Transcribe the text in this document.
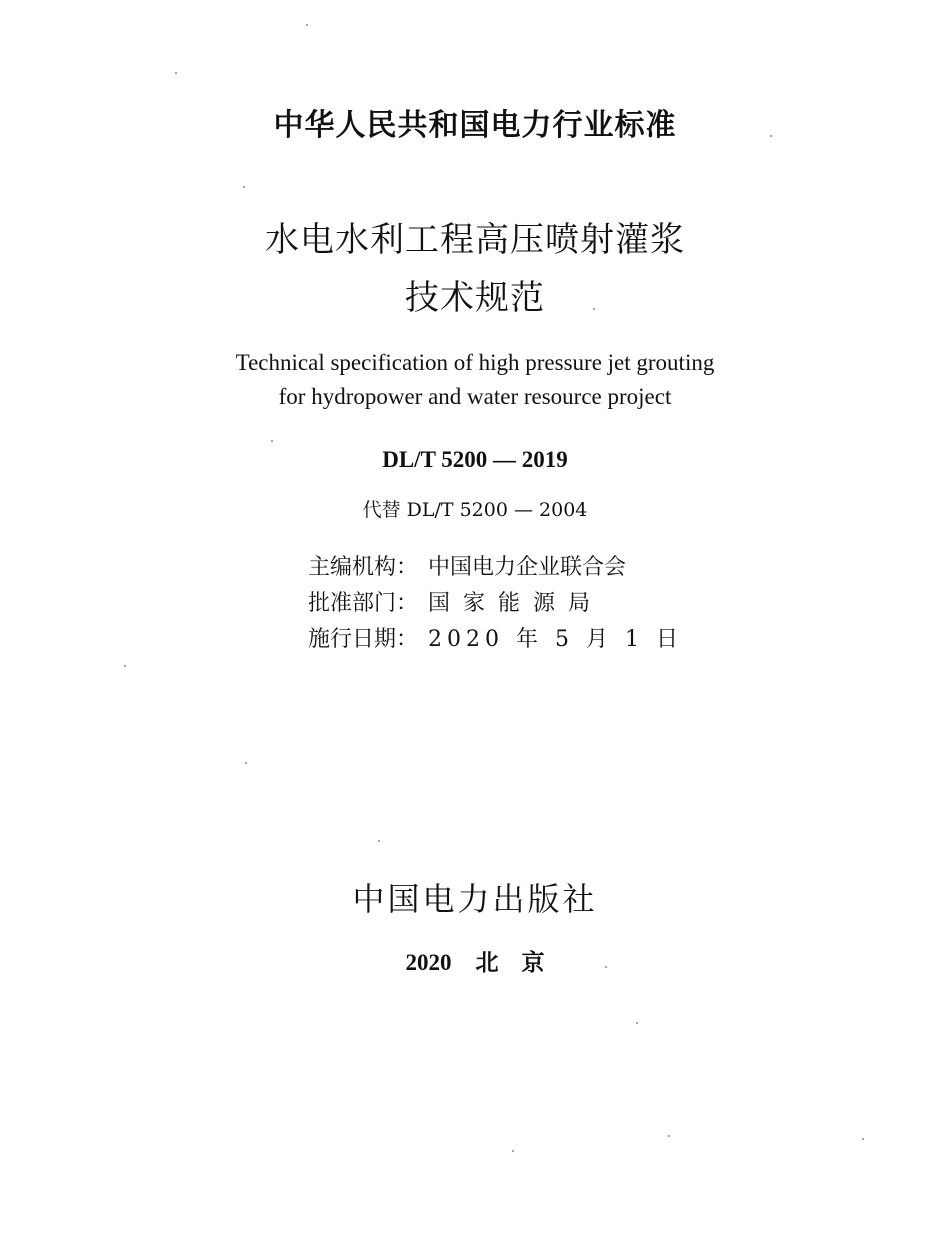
中华人民共和国电力行业标准
水电水利工程高压喷射灌浆
技术规范
Technical specification of high pressure jet grouting
for hydropower and water resource project
DL/T 5200 — 2019
代替 DL/T 5200 — 2004
主编机构： 中国电力企业联合会
批准部门： 国家能源局
施行日期： 2020 年 5 月 1 日
中国电力出版社
2020 北　京
